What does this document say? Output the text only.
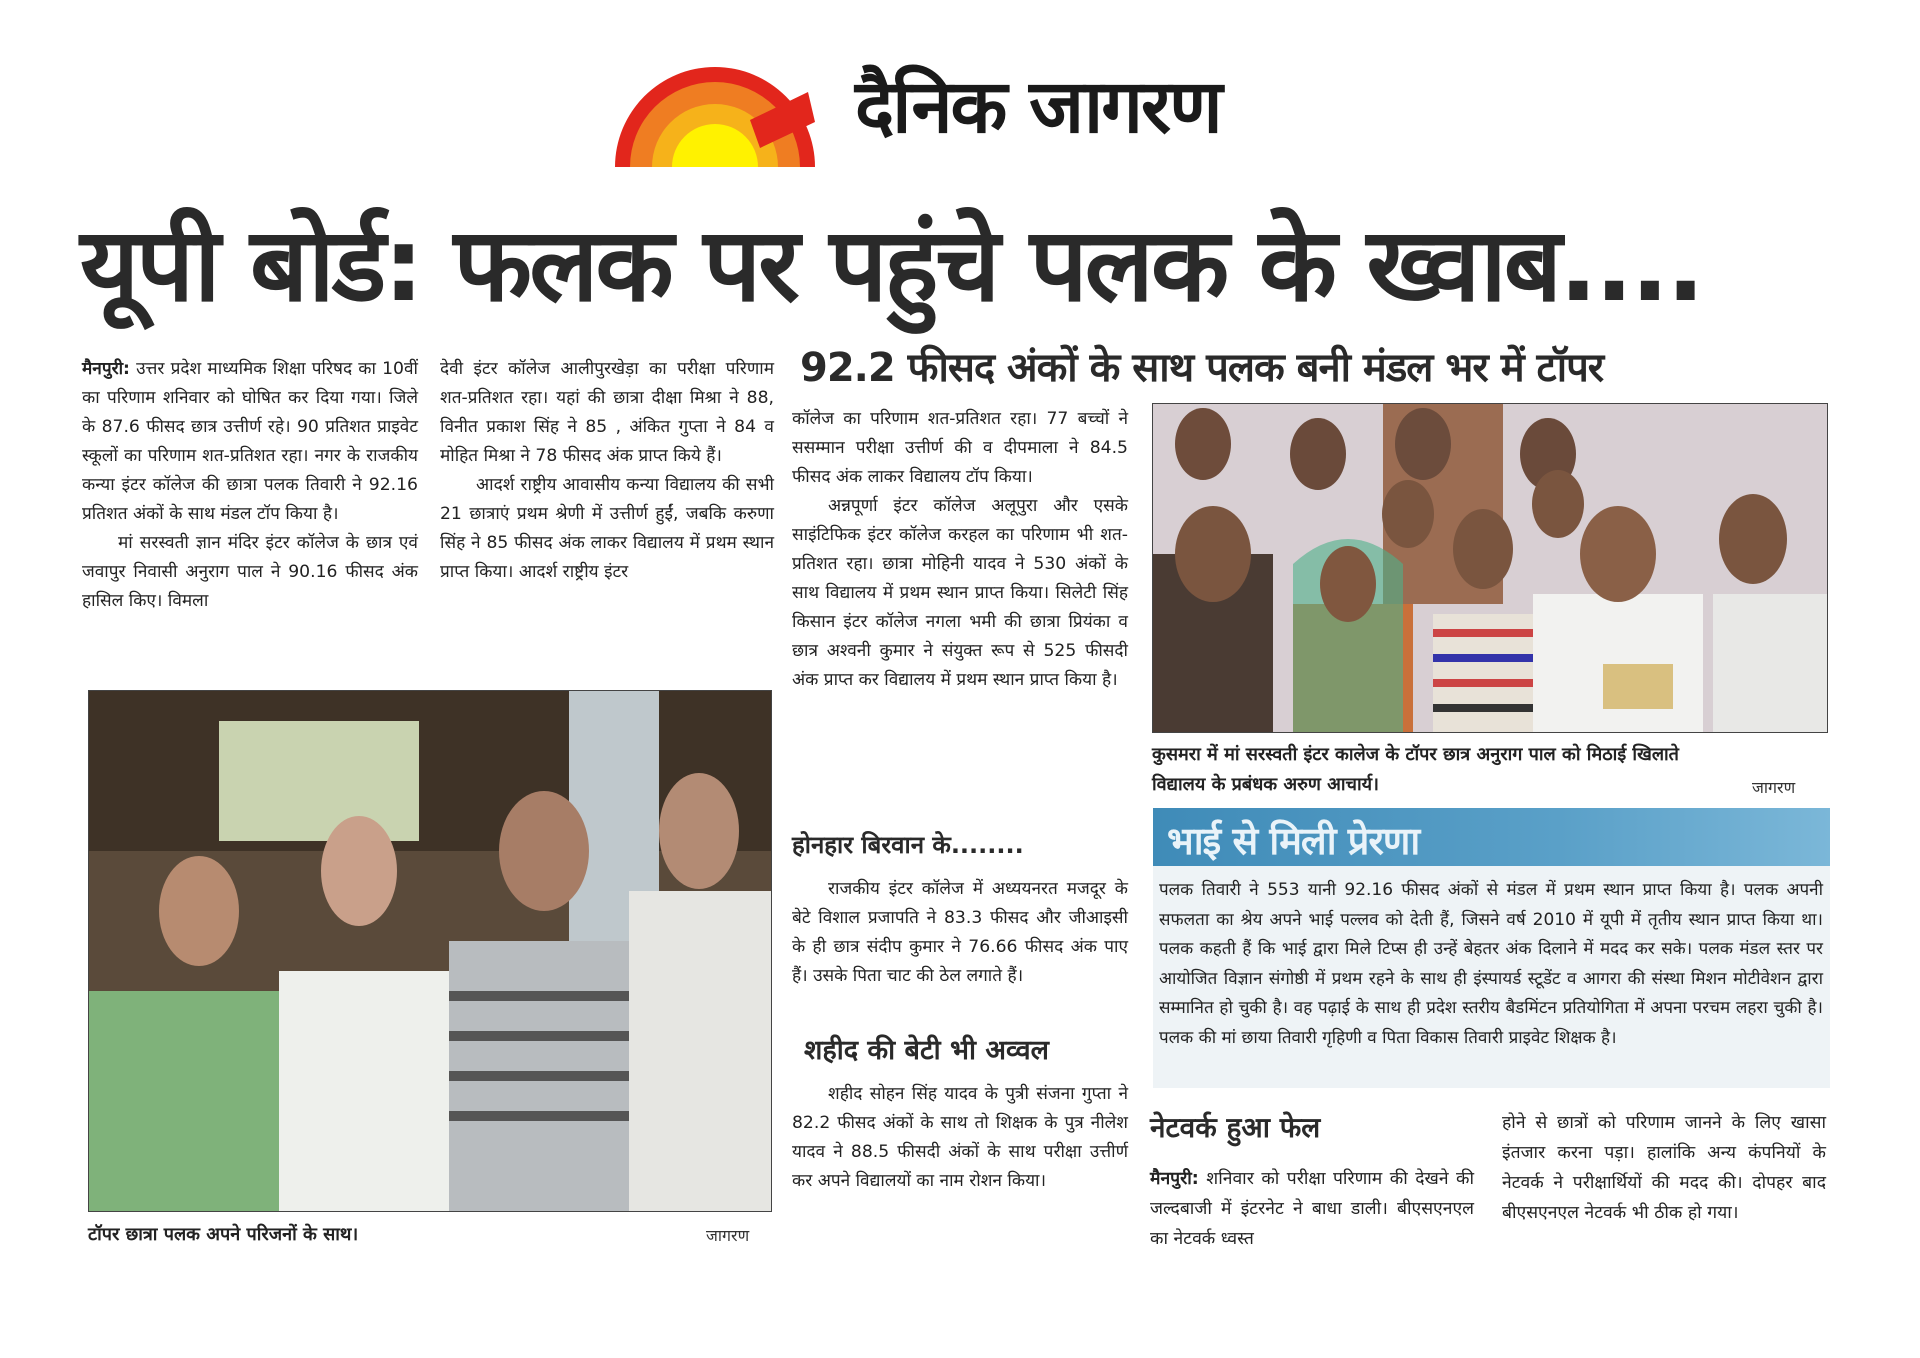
दैनिक जागरण
यूपी बोर्ड: फलक पर पहुंचे पलक के ख्वाब....
92.2 फीसद अंकों के साथ पलक बनी मंडल भर में टॉपर

मैनपुरी: उत्तर प्रदेश माध्यमिक शिक्षा परिषद का 10वीं का परिणाम शनिवार को घोषित कर दिया गया। जिले के 87.6 फीसद छात्र उत्तीर्ण रहे। 90 प्रतिशत प्राइवेट स्कूलों का परिणाम शत-प्रतिशत रहा। नगर के राजकीय कन्या इंटर कॉलेज की छात्रा पलक तिवारी ने 92.16 प्रतिशत अंकों के साथ मंडल टॉप किया है।

मां सरस्वती ज्ञान मंदिर इंटर कॉलेज के छात्र एवं जवापुर निवासी अनुराग पाल ने 90.16 फीसद अंक हासिल किए। विमला

देवी इंटर कॉलेज आलीपुरखेड़ा का परीक्षा परिणाम शत-प्रतिशत रहा। यहां की छात्रा दीक्षा मिश्रा ने 88, विनीत प्रकाश सिंह ने 85 , अंकित गुप्ता ने 84 व मोहित मिश्रा ने 78 फीसद अंक प्राप्त किये हैं।

आदर्श राष्ट्रीय आवासीय कन्या विद्यालय की सभी 21 छात्राएं प्रथम श्रेणी में उत्तीर्ण हुईं, जबकि करुणा सिंह ने 85 फीसद अंक लाकर विद्यालय में प्रथम स्थान प्राप्त किया। आदर्श राष्ट्रीय इंटर

टॉपर छात्रा पलक अपने परिजनों के साथ।	जागरण

कॉलेज का परिणाम शत-प्रतिशत रहा। 77 बच्चों ने ससम्मान परीक्षा उत्तीर्ण की व दीपमाला ने 84.5 फीसद अंक लाकर विद्यालय टॉप किया।

अन्नपूर्णा इंटर कॉलेज अलूपुरा और एसके साइंटिफिक इंटर कॉलेज करहल का परिणाम भी शत-प्रतिशत रहा। छात्रा मोहिनी यादव ने 530 अंकों के साथ विद्यालय में प्रथम स्थान प्राप्त किया। सिलेटी सिंह किसान इंटर कॉलेज नगला भमी की छात्रा प्रियंका व छात्र अश्वनी कुमार ने संयुक्त रूप से 525 फीसदी अंक प्राप्त कर विद्यालय में प्रथम स्थान प्राप्त किया है।

होनहार बिरवान के........

राजकीय इंटर कॉलेज में अध्ययनरत मजदूर के बेटे विशाल प्रजापति ने 83.3 फीसद और जीआइसी के ही छात्र संदीप कुमार ने 76.66 फीसद अंक पाए हैं। उसके पिता चाट की ठेल लगाते हैं।

शहीद की बेटी भी अव्वल

शहीद सोहन सिंह यादव के पुत्री संजना गुप्ता ने 82.2 फीसद अंकों के साथ तो शिक्षक के पुत्र नीलेश यादव ने 88.5 फीसदी अंकों के साथ परीक्षा उत्तीर्ण कर अपने विद्यालयों का नाम रोशन किया।

कुसमरा में मां सरस्वती इंटर कालेज के टॉपर छात्र अनुराग पाल को मिठाई खिलाते
विद्यालय के प्रबंधक अरुण आचार्य।	जागरण
भाई से मिली प्रेरणा
पलक तिवारी ने 553 यानी 92.16 फीसद अंकों से मंडल में प्रथम स्थान प्राप्त किया है। पलक अपनी सफलता का श्रेय अपने भाई पल्लव को देती हैं, जिसने वर्ष 2010 में यूपी में तृतीय स्थान प्राप्त किया था। पलक कहती हैं कि भाई द्वारा मिले टिप्स ही उन्हें बेहतर अंक दिलाने में मदद कर सके। पलक मंडल स्तर पर आयोजित विज्ञान संगोष्ठी में प्रथम रहने के साथ ही इंस्पायर्ड स्टूडेंट व आगरा की संस्था मिशन मोटीवेशन द्वारा सम्मानित हो चुकी है। वह पढ़ाई के साथ ही प्रदेश स्तरीय बैडमिंटन प्रतियोगिता में अपना परचम लहरा चुकी है। पलक की मां छाया तिवारी गृहिणी व पिता विकास तिवारी प्राइवेट शिक्षक है।
नेटवर्क हुआ फेल

मैनपुरी: शनिवार को परीक्षा परिणाम की देखने की जल्दबाजी में इंटरनेट ने बाधा डाली। बीएसएनएल का नेटवर्क ध्वस्त

होने से छात्रों को परिणाम जानने के लिए खासा इंतजार करना पड़ा। हालांकि अन्य कंपनियों के नेटवर्क ने परीक्षार्थियों की मदद की। दोपहर बाद बीएसएनएल नेटवर्क भी ठीक हो गया।
